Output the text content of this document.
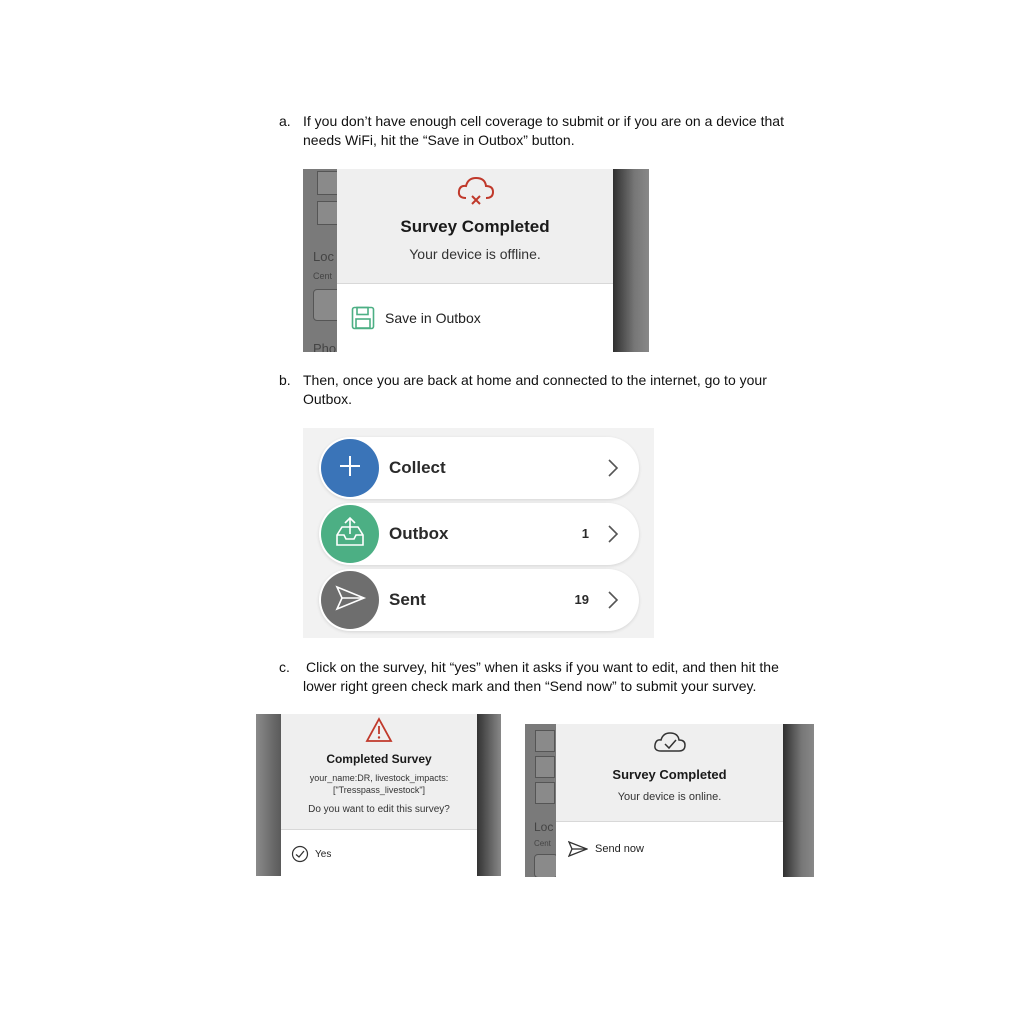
a. If you don’t have enough cell coverage to submit or if you are on a device that
needs WiFi, hit the “Save in Outbox” button.
Loc
Cent
Pho
Survey Completed
Your device is offline.
Save in Outbox
b. Then, once you are back at home and connected to the internet, go to your
Outbox.
Collect
Outbox	1
Sent	19
c. Click on the survey, hit “yes” when it asks if you want to edit, and then hit the
lower right green check mark and then “Send now” to submit your survey.
Completed Survey
your_name:DR, livestock_impacts:
["Tresspass_livestock"]
Do you want to edit this survey?
Yes
Loc
Cent
Survey Completed
Your device is online.
Send now
